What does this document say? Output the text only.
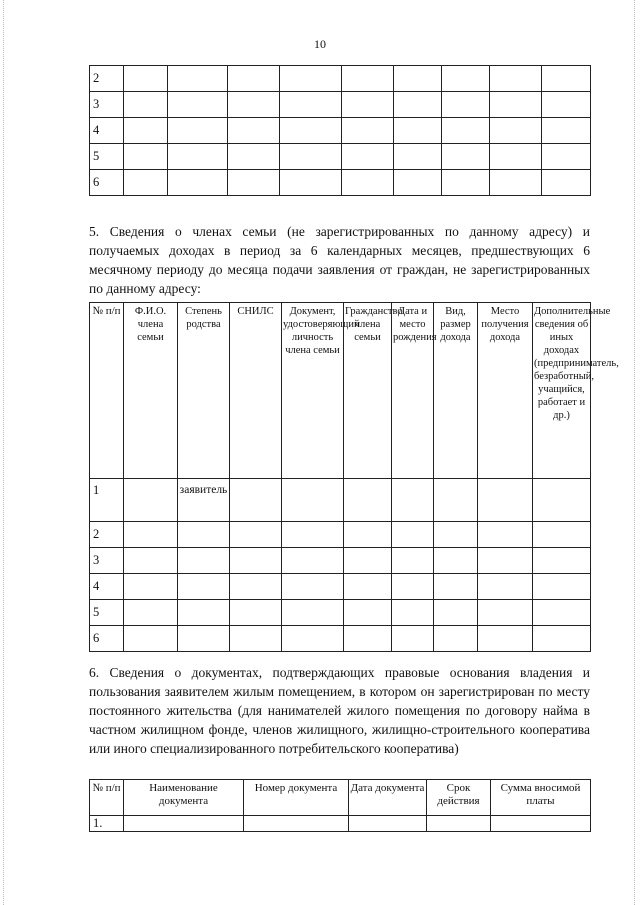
10
2									
3									
4									
5									
6									
5. Сведения о членах семьи (не зарегистрированных по данному адресу) и получаемых доходах в период за 6 календарных месяцев, предшествующих 6 месячному периоду до месяца подачи заявления от граждан, не зарегистрированных по данному адресу:
№ п/п	Ф.И.О. члена семьи	Степень родства	СНИЛС	Документ, удостоверяющий личность члена семьи	Гражданство члена семьи	Дата и место рождения	Вид, размер дохода	Место получения дохода	Дополнительные сведения об иных доходах (предприниматель, безработный, учащийся, работает и др.)
1		заявитель							
2									
3									
4									
5									
6									
6. Сведения о документах, подтверждающих правовые основания владения и пользования заявителем жилым помещением, в котором он зарегистрирован по месту постоянного жительства (для нанимателей жилого помещения по договору найма в частном жилищном фонде, членов жилищного, жилищно-строительного кооператива или иного специализированного потребительского кооператива)
№ п/п	Наименование документа	Номер документа	Дата документа	Срок действия	Сумма вносимой платы
1.					
